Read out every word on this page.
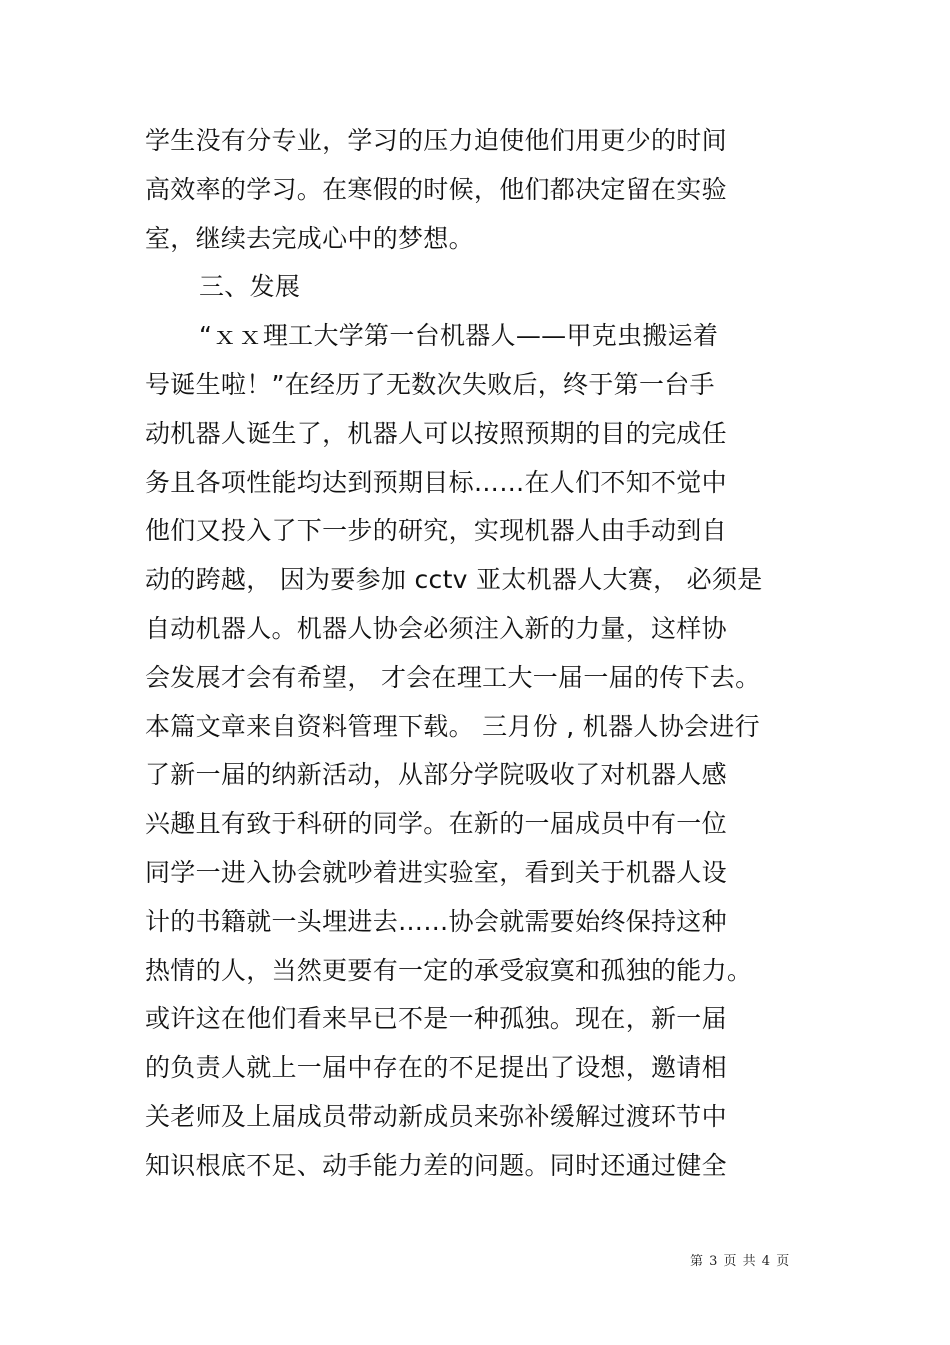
学生没有分专业，学习的压力迫使他们用更少的时间
高效率的学习。在寒假的时候，他们都决定留在实验
室，继续去完成心中的梦想。
三、发展
“ｘｘ理工大学第一台机器人——甲克虫搬运着
号诞生啦！”在经历了无数次失败后，终于第一台手
动机器人诞生了，机器人可以按照预期的目的完成任
务且各项性能均达到预期目标……在人们不知不觉中
他们又投入了下一步的研究，实现机器人由手动到自
动的跨越， 因为要参加 cctv 亚太机器人大赛， 必须是
自动机器人。机器人协会必须注入新的力量，这样协
会发展才会有希望， 才会在理工大一届一届的传下去。
本篇文章来自资料管理下载。 三月份 , 机器人协会进行
了新一届的纳新活动，从部分学院吸收了对机器人感
兴趣且有致于科研的同学。在新的一届成员中有一位
同学一进入协会就吵着进实验室，看到关于机器人设
计的书籍就一头埋进去……协会就需要始终保持这种
热情的人，当然更要有一定的承受寂寞和孤独的能力。
或许这在他们看来早已不是一种孤独。现在，新一届
的负责人就上一届中存在的不足提出了设想，邀请相
关老师及上届成员带动新成员来弥补缓解过渡环节中
知识根底不足、动手能力差的问题。同时还通过健全
第 3 页 共 4 页
